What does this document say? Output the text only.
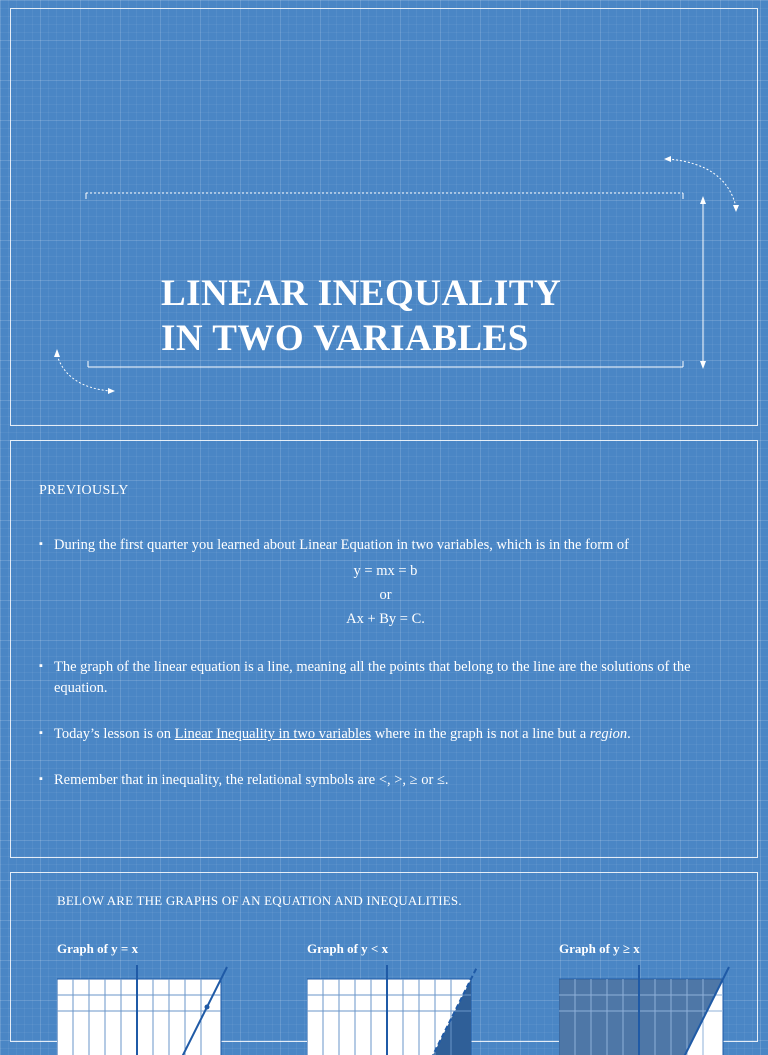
LINEAR INEQUALITY
IN TWO VARIABLES

PREVIOUSLY

▪ During the first quarter you learned about Linear Equation in two variables, which is in the form of
y = mx = b
or
Ax + By = C.
▪ The graph of the linear equation is a line, meaning all the points that belong to the line are the solutions of the equation.
▪ Today’s lesson is on Linear Inequality in two variables where in the graph is not a line but a region.
▪ Remember that in inequality, the relational symbols are <, >, ≥ or ≤.

BELOW ARE THE GRAPHS OF AN EQUATION AND INEQUALITIES.

Graph of y = x	Graph of y < x	Graph of y ≥ x
